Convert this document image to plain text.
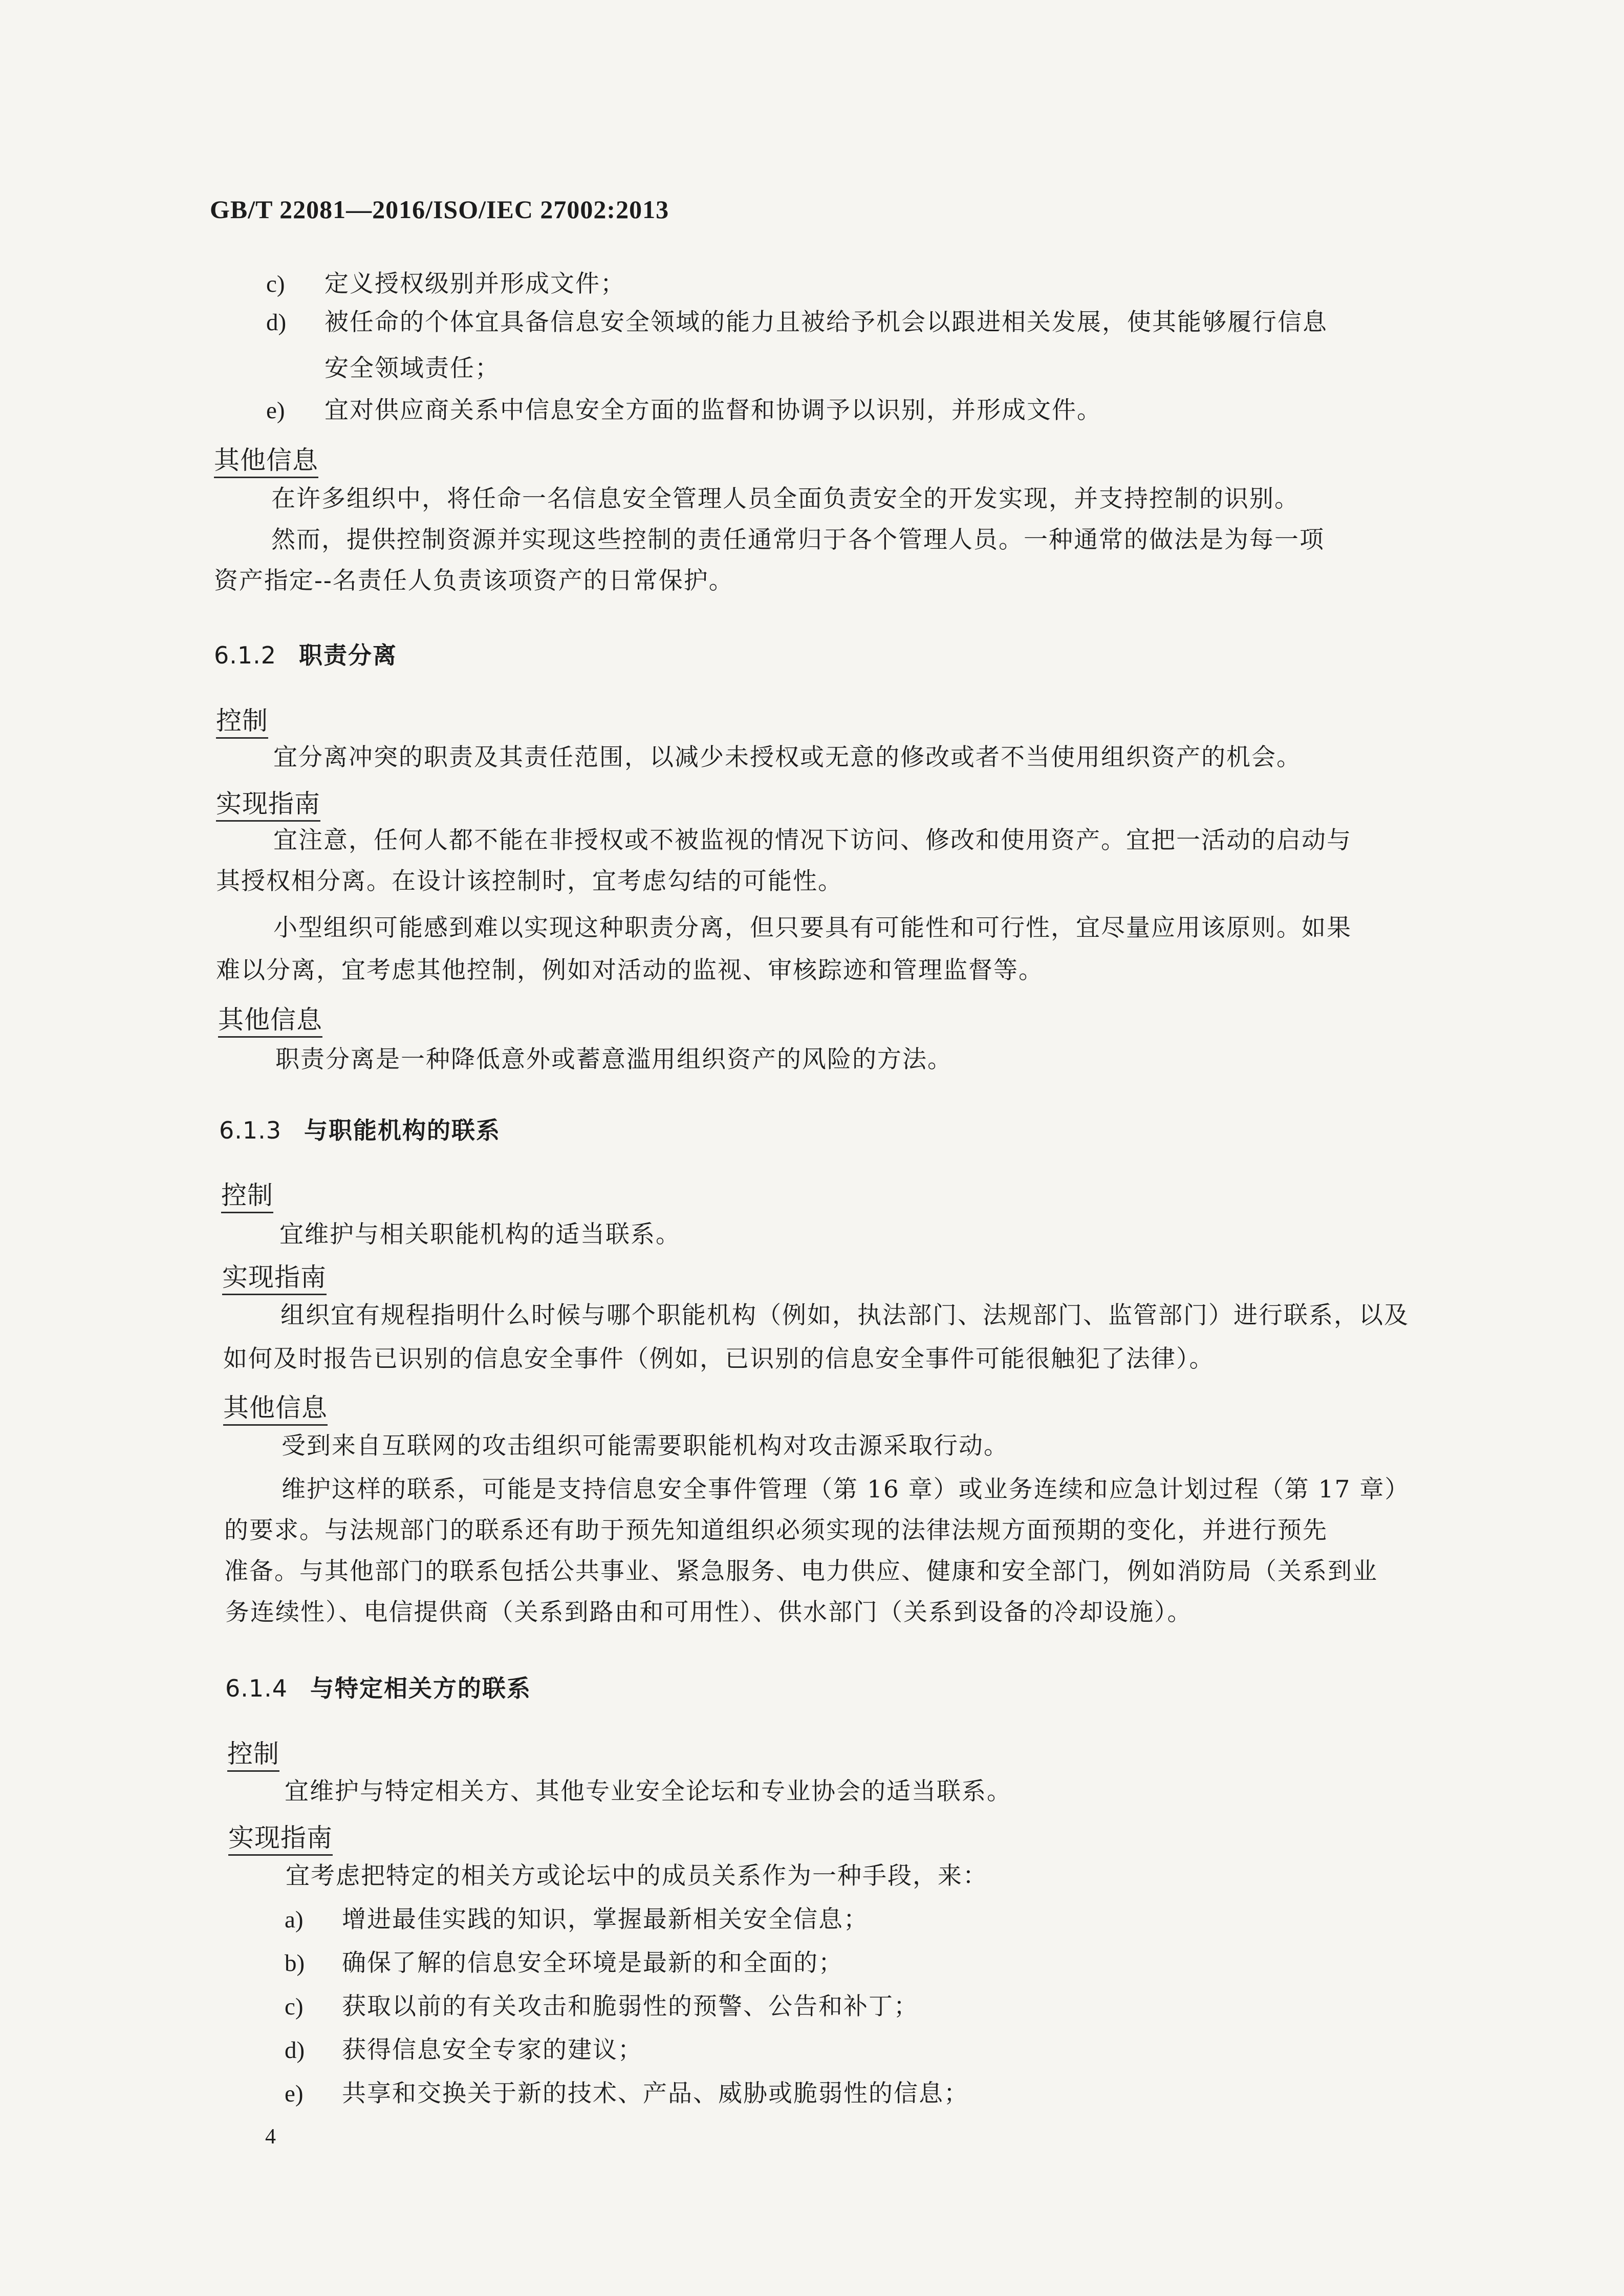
GB/T 22081—2016/ISO/IEC 27002:2013
c) 定义授权级别并形成文件；
d) 被任命的个体宜具备信息安全领域的能力且被给予机会以跟进相关发展，使其能够履行信息
安全领域责任；
e) 宜对供应商关系中信息安全方面的监督和协调予以识别，并形成文件。
其他信息
在许多组织中，将任命一名信息安全管理人员全面负责安全的开发实现，并支持控制的识别。
然而，提供控制资源并实现这些控制的责任通常归于各个管理人员。一种通常的做法是为每一项
资产指定--名责任人负责该项资产的日常保护。
6.1.2 职责分离
控制
宜分离冲突的职责及其责任范围，以减少未授权或无意的修改或者不当使用组织资产的机会。
实现指南
宜注意，任何人都不能在非授权或不被监视的情况下访问、修改和使用资产。宜把一活动的启动与
其授权相分离。在设计该控制时，宜考虑勾结的可能性。
小型组织可能感到难以实现这种职责分离，但只要具有可能性和可行性，宜尽量应用该原则。如果
难以分离，宜考虑其他控制，例如对活动的监视、审核踪迹和管理监督等。
其他信息
职责分离是一种降低意外或蓄意滥用组织资产的风险的方法。
6.1.3 与职能机构的联系
控制
宜维护与相关职能机构的适当联系。
实现指南
组织宜有规程指明什么时候与哪个职能机构（例如，执法部门、法规部门、监管部门）进行联系，以及
如何及时报告已识别的信息安全事件（例如，已识别的信息安全事件可能很触犯了法律）。
其他信息
受到来自互联网的攻击组织可能需要职能机构对攻击源采取行动。
维护这样的联系，可能是支持信息安全事件管理（第 16 章）或业务连续和应急计划过程（第 17 章）
的要求。与法规部门的联系还有助于预先知道组织必须实现的法律法规方面预期的变化，并进行预先
准备。与其他部门的联系包括公共事业、紧急服务、电力供应、健康和安全部门，例如消防局（关系到业
务连续性）、电信提供商（关系到路由和可用性）、供水部门（关系到设备的冷却设施）。
6.1.4 与特定相关方的联系
控制
宜维护与特定相关方、其他专业安全论坛和专业协会的适当联系。
实现指南
宜考虑把特定的相关方或论坛中的成员关系作为一种手段，来：
a) 增进最佳实践的知识，掌握最新相关安全信息；
b) 确保了解的信息安全环境是最新的和全面的；
c) 获取以前的有关攻击和脆弱性的预警、公告和补丁；
d) 获得信息安全专家的建议；
e) 共享和交换关于新的技术、产品、威胁或脆弱性的信息；
4
